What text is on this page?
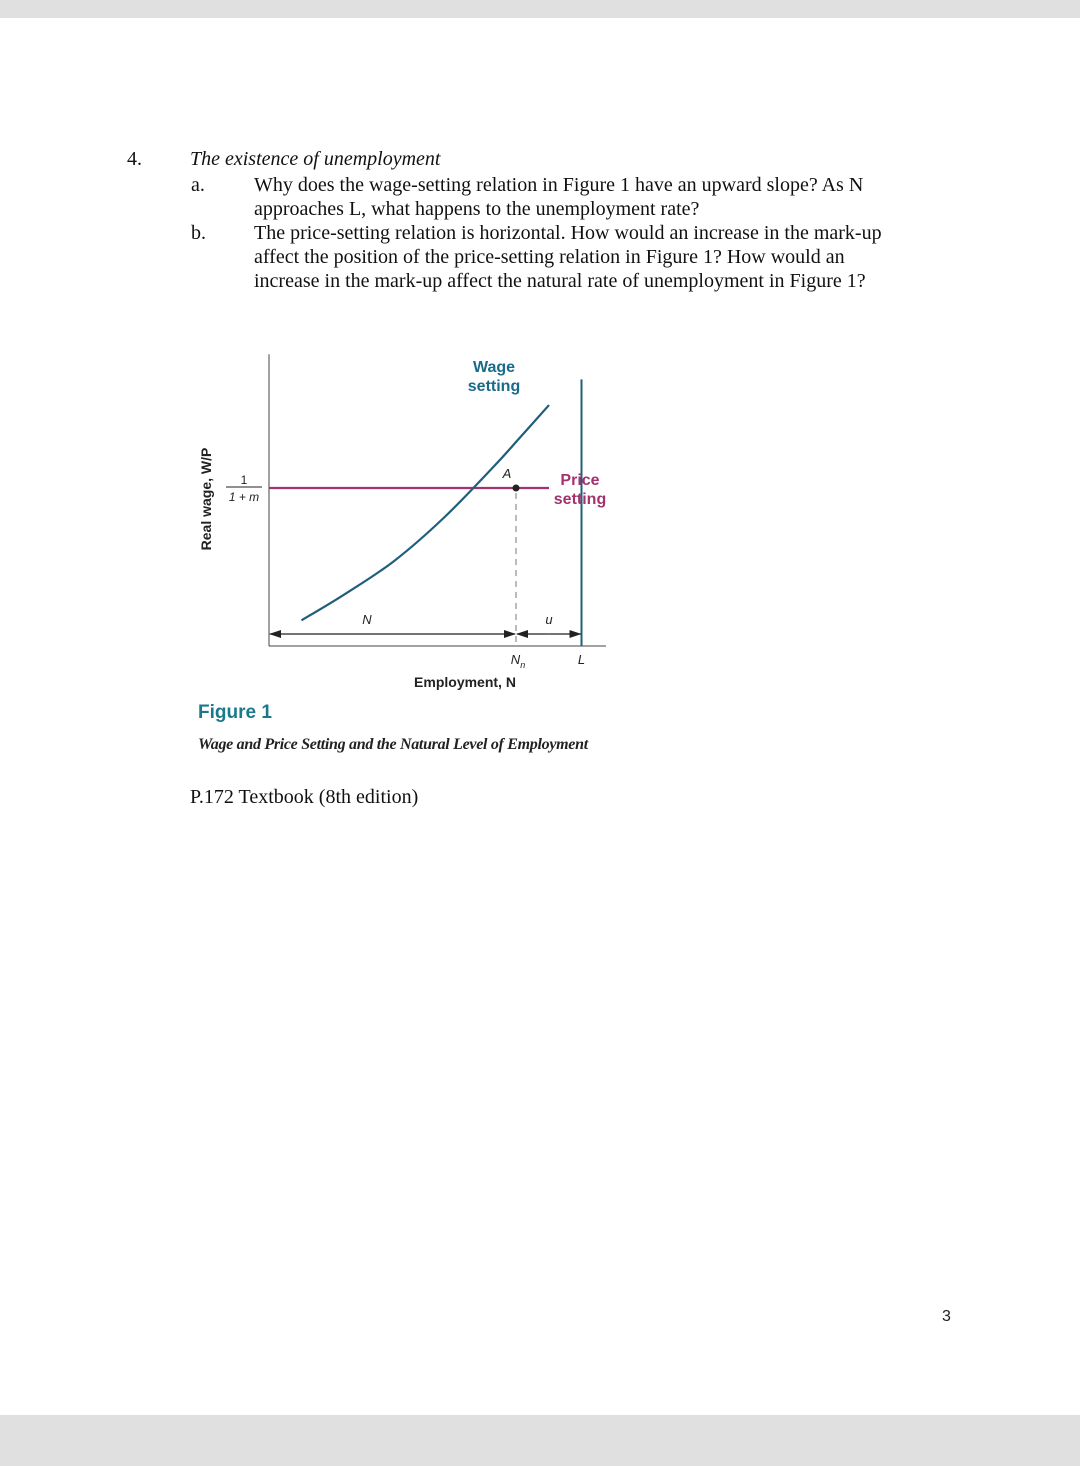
4. The existence of unemployment
a. Why does the wage-setting relation in Figure 1 have an upward slope? As N
approaches L, what happens to the unemployment rate?
b. The price-setting relation is horizontal. How would an increase in the mark-up
affect the position of the price-setting relation in Figure 1? How would an
increase in the mark-up affect the natural rate of unemployment in Figure 1?
Wage
setting
Price
setting
A
N	u
$N_n$	L
1
1 + m
Employment, N
Real wage, W/P
Figure 1
Wage and Price Setting and the Natural Level of Employment
P.172 Textbook (8th edition)
3
